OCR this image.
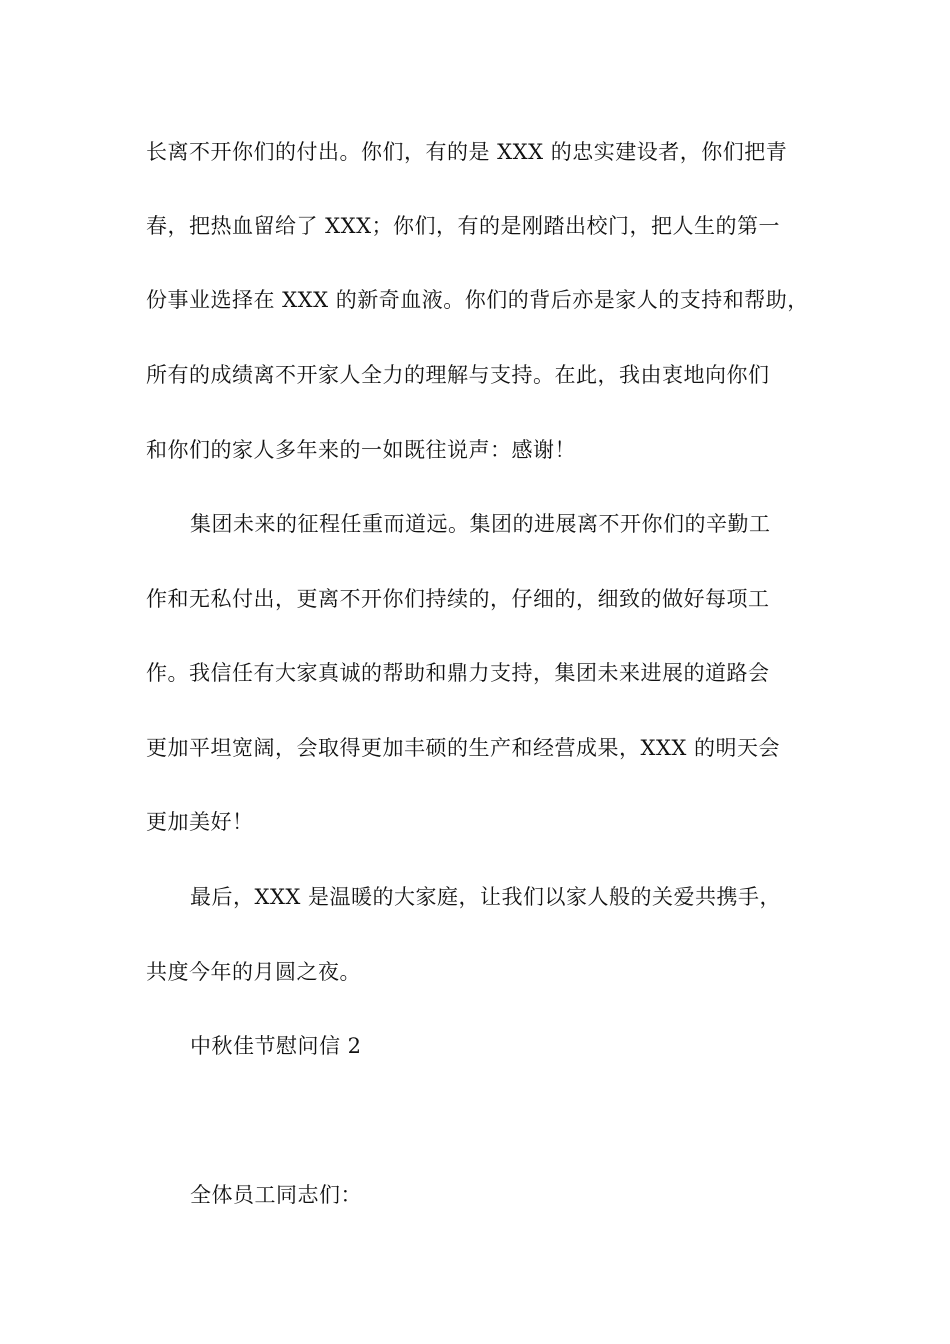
长离不开你们的付出。你们，有的是 XXX 的忠实建设者，你们把青
春，把热血留给了 XXX；你们，有的是刚踏出校门，把人生的第一
份事业选择在 XXX 的新奇血液。你们的背后亦是家人的支持和帮助，
所有的成绩离不开家人全力的理解与支持。在此，我由衷地向你们
和你们的家人多年来的一如既往说声：感谢！
集团未来的征程任重而道远。集团的进展离不开你们的辛勤工
作和无私付出，更离不开你们持续的，仔细的，细致的做好每项工
作。我信任有大家真诚的帮助和鼎力支持，集团未来进展的道路会
更加平坦宽阔，会取得更加丰硕的生产和经营成果，XXX 的明天会
更加美好！
最后，XXX 是温暖的大家庭，让我们以家人般的关爱共携手，
共度今年的月圆之夜。
中秋佳节慰问信 2
全体员工同志们：
